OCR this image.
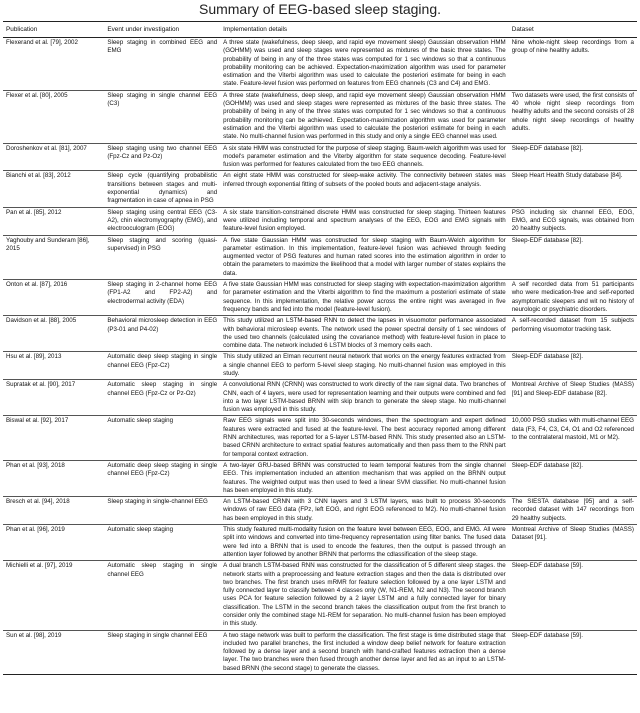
Summary of EEG-based sleep staging.
Publication	Event under investigation	Implementation details	Dataset
Flexerand et al. [79], 2002	Sleep staging in combined EEG and EMG	A three state (wakefulness, deep sleep, and rapid eye movement sleep) Gaussian observation HMM (GOHMM) was used and sleep stages were represented as mixtures of the basic three states. The probability of being in any of the three states was computed for 1 sec windows so that a continuous probability monitoring can be achieved. Expectation-maximization algorithm was used for parameter estimation and the Viterbi algorithm was used to calculate the posteriori estimate for being in each state. Feature-level fusion was performed on features from EEG channels (C3 and C4) and EMG.	Nine whole-night sleep recordings from a group of nine healthy adults.
Flexer et al. [80], 2005	Sleep staging in single channel EEG (C3)	A three state (wakefulness, deep sleep, and rapid eye movement sleep) Gaussian observation HMM (GOHMM) was used and sleep stages were represented as mixtures of the basic three states. The probability of being in any of the three states was computed for 1 sec windows so that a continuous probability monitoring can be achieved. Expectation-maximization algorithm was used for parameter estimation and the Viterbi algorithm was used to calculate the posteriori estimate for being in each state. No multi-channel fusion was performed in this study and only a single EEG channel was used.	Two datasets were used, the first consists of 40 whole night sleep recordings from healthy adults and the second consists of 28 whole night sleep recordings of healthy adults.
Doroshenkov et al. [81], 2007	Sleep staging using two channel EEG (Fpz-Cz and Pz-Oz)	A six state HMM was constructed for the purpose of sleep staging. Baum-welch algorithm was used for model's parameter estimation and the Viterby algorithm for state sequence decoding. Feature-level fusion was performed for features calculated from the two EEG channels.	Sleep-EDF database [82].
Bianchi et al. [83], 2012	Sleep cycle (quantifying probabilistic transitions between stages and multi-exponential dynamics) and fragmentation in case of apnea in PSG	An eight state HMM was constructed for sleep-wake activity. The connectivity between states was inferred through exponential fitting of subsets of the pooled bouts and adjacent-stage analysis.	Sleep Heart Health Study database [84].
Pan et al. [85], 2012	Sleep staging using central EEG (C3-A2), chin electromyography (EMG), and electrooculogram (EOG)	A six state transition-constrained discrete HMM was constructed for sleep staging. Thirteen features were utilized including temporal and spectrum analyses of the EEG, EOG and EMG signals with feature-level fusion employed.	PSG including six channel EEG, EOG, EMG, and ECG signals, was obtained from 20 healthy subjects.
Yaghouby and Sunderam [86], 2015	Sleep staging and scoring (quasi-supervised) in PSG	A five state Gaussian HMM was constructed for sleep staging with Baum-Welch algorithm for parameter estimation. In this implementation, feature-level fusion was achieved through feeding augmented vector of PSG features and human rated scores into the estimation algorithm in order to obtain the parameters to maximize the likelihood that a model with larger number of states explains the data.	Sleep-EDF database [82].
Onton et al. [87], 2016	Sleep staging in 2-channel home EEG (FP1-A2 and FP2-A2) and electrodermal activity (EDA)	A five state Gaussian HMM was constructed for sleep staging with expectation-maximization algorithm for parameter estimation and the Viterbi algorithm to find the maximum a posteriori estimate of state sequence. In this implementation, the relative power across the entire night was averaged in five frequency bands and fed into the model (feature-level fusion).	A self recorded data from 51 participants who were medication-free and self-reported asymptomatic sleepers and wit no history of neurologic or psychiatric disorders.
Davidson et al. [88], 2005	Behavioral microsleep detection in EEG (P3-01 and P4-02)	This study utilized an LSTM-based RNN to detect the lapses in visuomotor performance associated with behavioral microsleep events. The network used the power spectral density of 1 sec windows of the used two channels (calculated using the covariance method) with feature-level fusion in place to combine data. The network included 6 LSTM blocks of 3 memory cells each.	A self-recorded dataset from 15 subjects performing visuomotor tracking task.
Hsu et al. [89], 2013	Automatic deep sleep staging in single channel EEG (Fpz-Cz)	This study utilized an Elman recurrent neural network that works on the energy features extracted from a single channel EEG to perform 5-level sleep staging. No multi-channel fusion was employed in this study.	Sleep-EDF database [82].
Supratak et al. [90], 2017	Automatic sleep staging in single channel EEG (Fpz-Cz or Pz-Oz)	A convolutional RNN (CRNN) was constructed to work directly of the raw signal data. Two branches of CNN, each of 4 layers, were used for representation learning and their outputs were combined and fed into a two layer LSTM-based BRNN with skip branch to generate the sleep stage. No multi-channel fusion was employed in this study.	Montreal Archive of Sleep Studies (MASS) [91] and Sleep-EDF database [82].
Biswal et al. [92], 2017	Automatic sleep staging	Raw EEG signals were split into 30-seconds windows, then the spectrogram and expert defined features were extracted and fused at the feature-level. The best accuracy reported among different RNN architectures, was reported for a 5-layer LSTM-based RNN. This study presented also an LSTM-based CRNN architecture to extract spatial features automatically and then pass them to the RNN part for temporal context extraction.	10,000 PSG studies with multi-channel EEG data (F3, F4, C3, C4, O1 and O2 referenced to the contralateral mastoid, M1 or M2).
Phan et al. [93], 2018	Automatic deep sleep staging in single channel EEG (Fpz-Cz)	A two-layer GRU-based BRNN was constructed to learn temporal features from the single channel EEG. This implementation included an attention mechanism that was applied on the BRNN output features. The weighted output was then used to feed a linear SVM classifier. No multi-channel fusion has been employed in this study.	Sleep-EDF database [82].
Bresch et al. [94], 2018	Sleep staging in single-channel EEG	An LSTM-based CRNN with 3 CNN layers and 3 LSTM layers, was built to process 30-seconds windows of raw EEG data (FPz, left EOG, and right EOG referenced to M2). No multi-channel fusion has been employed in this study.	The SIESTA database [95] and a self-recorded dataset with 147 recordings from 29 healthy subjects.
Phan et al. [96], 2019	Automatic sleep staging	This study featured multi-modality fusion on the feature level between EEG, EOG, and EMG. All were split into windows and converted into time-frequency representation using filter banks. The fused data were fed into a BRNN that is used to encode the features, then the output is passed through an attention layer followed by another BRNN that performs the cdlassification of the sleep stage.	Montreal Archive of Sleep Studies (MASS) Dataset [91].
Michielli et al. [97], 2019	Automatic sleep staging in single channel EEG	A dual branch LSTM-based RNN was constructed for the classification of 5 different sleep stages. the network starts with a preprocessing and feature extraction stages and then the data is distributed over two branches. The first branch uses mRMR for feature selection followed by a one layer LSTM and fully connected layer to classify between 4 classes only (W, N1-REM, N2 and N3). The second branch uses PCA for feature selection followed by a 2 layer LSTM and a fully connected layer for binary classification. The LSTM in the second branch takes the classification output from the first branch to consider only the combined stage N1-REM for separation. No multi-channel fusion has been employed in this study.	Sleep-EDF database [59].
Sun et al. [98], 2019	Sleep staging in single channel EEG	A two stage network was built to perform the classification. The first stage is time distributed stage that included two parallel branches, the first included a window deep belief network for feature extraction followed by a dense layer and a second branch with hand-crafted features extraction then a dense layer. The two branches were then fused through another dense layer and fed as an input to an LSTM-based BRNN (the second stage) to generate the classes.	Sleep-EDF database [59].
